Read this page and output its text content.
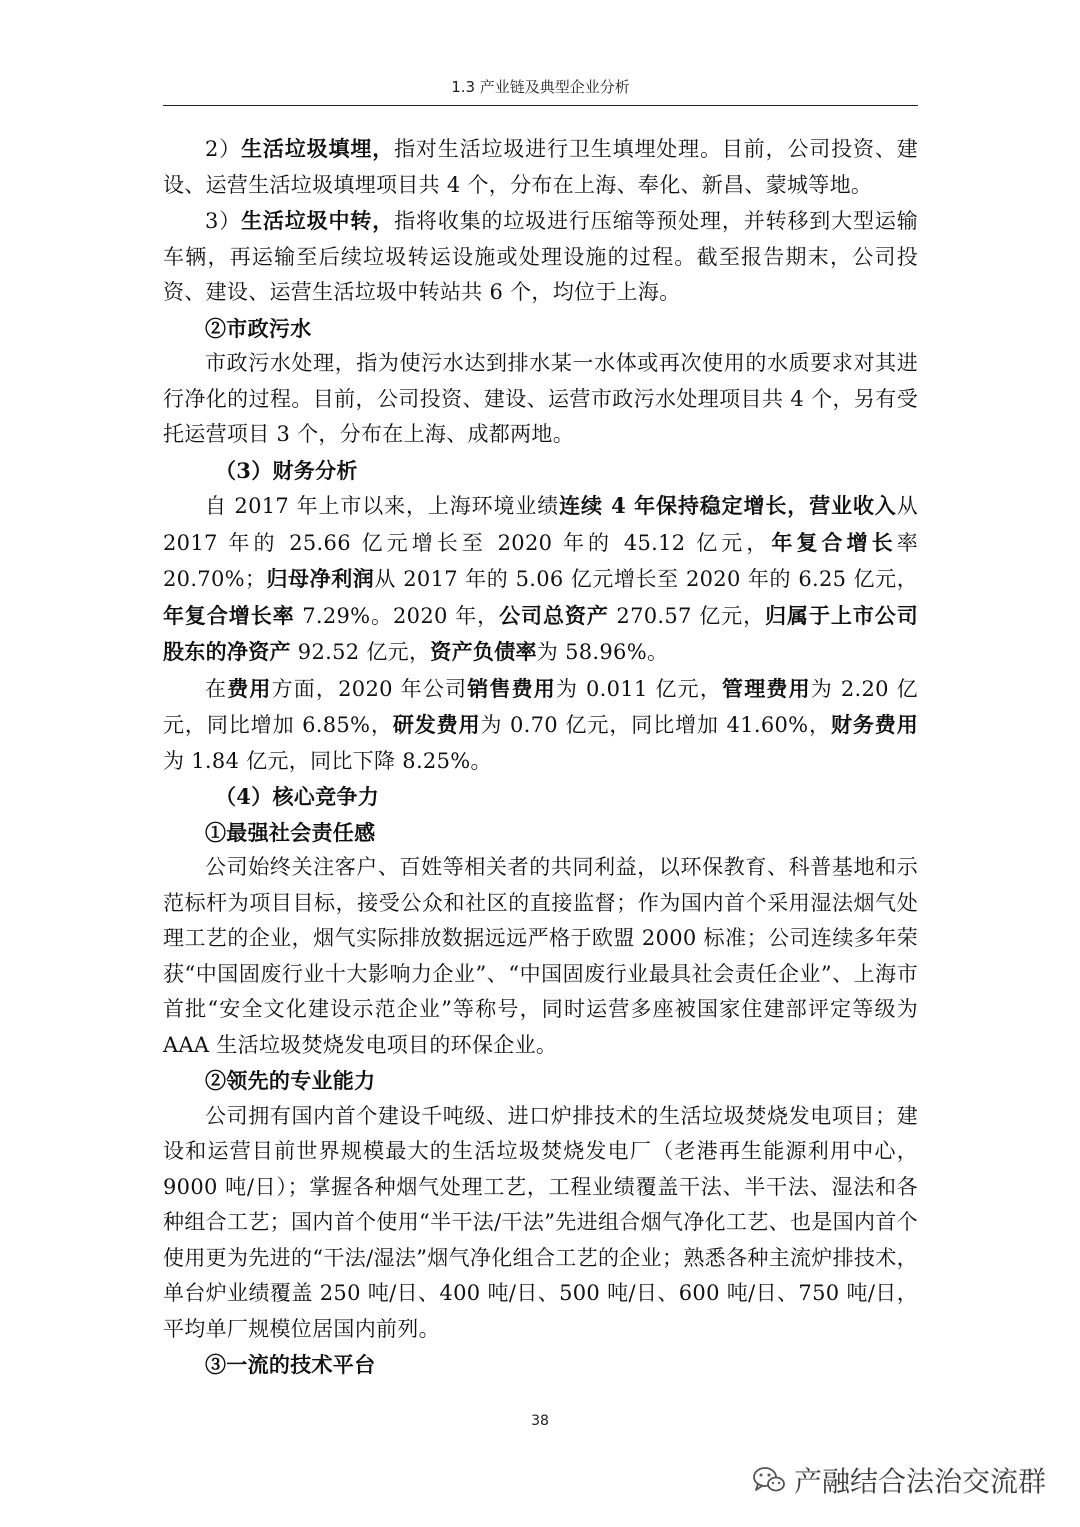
1.3 产业链及典型企业分析

2）生活垃圾填埋，指对生活垃圾进行卫生填埋处理。目前，公司投资、建设、运营生活垃圾填埋项目共 4 个，分布在上海、奉化、新昌、蒙城等地。

3）生活垃圾中转，指将收集的垃圾进行压缩等预处理，并转移到大型运输车辆，再运输至后续垃圾转运设施或处理设施的过程。截至报告期末，公司投资、建设、运营生活垃圾中转站共 6 个，均位于上海。

②市政污水

市政污水处理，指为使污水达到排水某一水体或再次使用的水质要求对其进行净化的过程。目前，公司投资、建设、运营市政污水处理项目共 4 个，另有受托运营项目 3 个，分布在上海、成都两地。

（3）财务分析

自 2017 年上市以来，上海环境业绩连续 4 年保持稳定增长，营业收入从 2017 年的 25.66 亿元增长至 2020 年的 45.12 亿元，年复合增长率 20.70%；归母净利润从 2017 年的 5.06 亿元增长至 2020 年的 6.25 亿元，年复合增长率 7.29%。2020 年，公司总资产 270.57 亿元，归属于上市公司股东的净资产 92.52 亿元，资产负债率为 58.96%。

在费用方面，2020 年公司销售费用为 0.011 亿元，管理费用为 2.20 亿元，同比增加 6.85%，研发费用为 0.70 亿元，同比增加 41.60%，财务费用为 1.84 亿元，同比下降 8.25%。

（4）核心竞争力

①最强社会责任感

公司始终关注客户、百姓等相关者的共同利益，以环保教育、科普基地和示范标杆为项目目标，接受公众和社区的直接监督；作为国内首个采用湿法烟气处理工艺的企业，烟气实际排放数据远远严格于欧盟 2000 标准；公司连续多年荣获“中国固废行业十大影响力企业”、“中国固废行业最具社会责任企业”、上海市首批“安全文化建设示范企业”等称号，同时运营多座被国家住建部评定等级为 AAA 生活垃圾焚烧发电项目的环保企业。

②领先的专业能力

公司拥有国内首个建设千吨级、进口炉排技术的生活垃圾焚烧发电项目；建设和运营目前世界规模最大的生活垃圾焚烧发电厂（老港再生能源利用中心，9000 吨/日）；掌握各种烟气处理工艺，工程业绩覆盖干法、半干法、湿法和各种组合工艺；国内首个使用“半干法/干法”先进组合烟气净化工艺、也是国内首个使用更为先进的“干法/湿法”烟气净化组合工艺的企业；熟悉各种主流炉排技术，单台炉业绩覆盖 250 吨/日、400 吨/日、500 吨/日、600 吨/日、750 吨/日，平均单厂规模位居国内前列。

③一流的技术平台

38
产融结合法治交流群
